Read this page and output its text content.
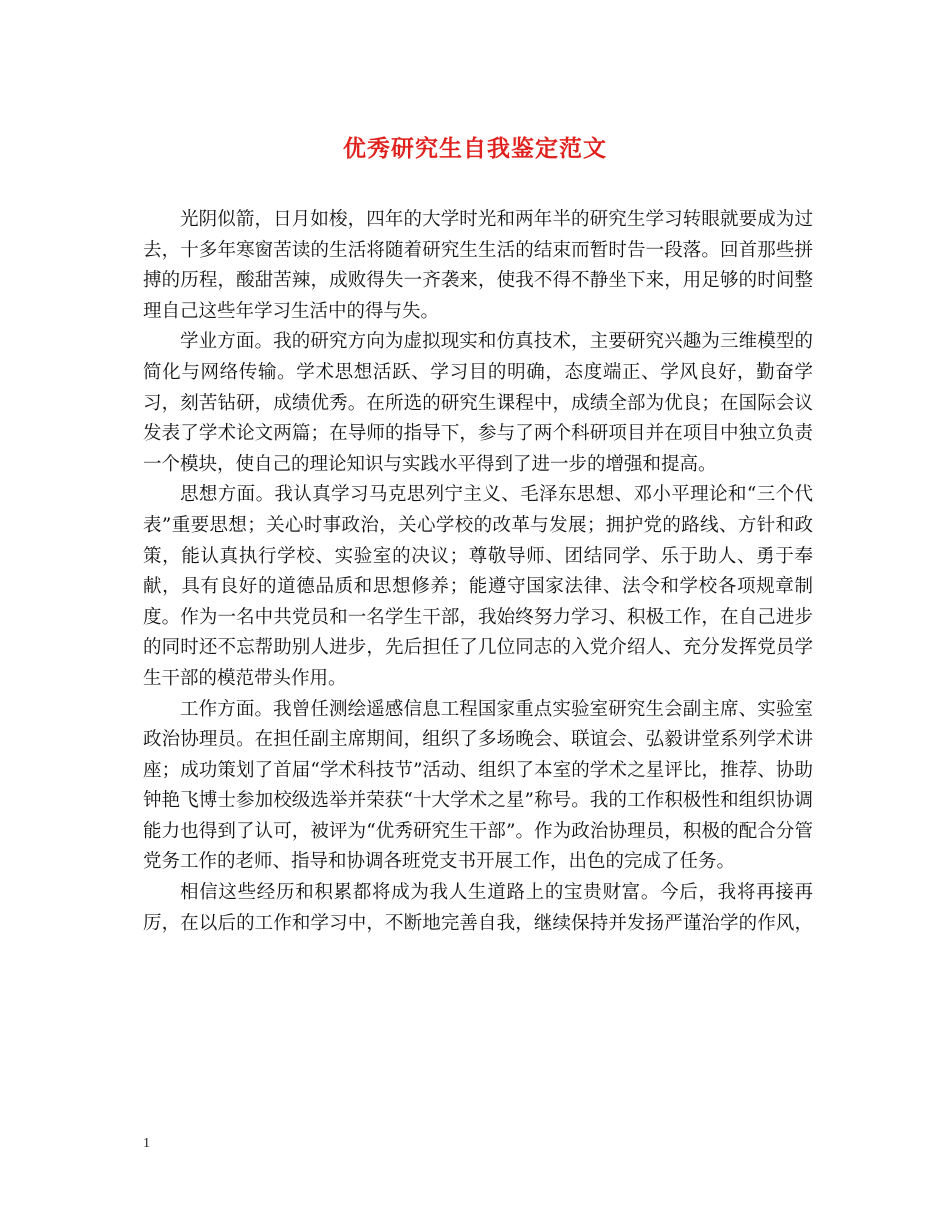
优秀研究生自我鉴定范文

光阴似箭，日月如梭，四年的大学时光和两年半的研究生学习转眼就要成为过去，十多年寒窗苦读的生活将随着研究生生活的结束而暂时告一段落。回首那些拼搏的历程，酸甜苦辣，成败得失一齐袭来，使我不得不静坐下来，用足够的时间整理自己这些年学习生活中的得与失。

学业方面。我的研究方向为虚拟现实和仿真技术，主要研究兴趣为三维模型的简化与网络传输。学术思想活跃、学习目的明确，态度端正、学风良好，勤奋学习，刻苦钻研，成绩优秀。在所选的研究生课程中，成绩全部为优良；在国际会议发表了学术论文两篇；在导师的指导下，参与了两个科研项目并在项目中独立负责一个模块，使自己的理论知识与实践水平得到了进一步的增强和提高。

思想方面。我认真学习马克思列宁主义、毛泽东思想、邓小平理论和“三个代表”重要思想；关心时事政治，关心学校的改革与发展；拥护党的路线、方针和政策，能认真执行学校、实验室的决议；尊敬导师、团结同学、乐于助人、勇于奉献，具有良好的道德品质和思想修养；能遵守国家法律、法令和学校各项规章制度。作为一名中共党员和一名学生干部，我始终努力学习、积极工作，在自己进步的同时还不忘帮助别人进步，先后担任了几位同志的入党介绍人、充分发挥党员学生干部的模范带头作用。

工作方面。我曾任测绘遥感信息工程国家重点实验室研究生会副主席、实验室政治协理员。在担任副主席期间，组织了多场晚会、联谊会、弘毅讲堂系列学术讲座；成功策划了首届“学术科技节”活动、组织了本室的学术之星评比，推荐、协助钟艳飞博士参加校级选举并荣获“十大学术之星”称号。我的工作积极性和组织协调能力也得到了认可，被评为“优秀研究生干部”。作为政治协理员，积极的配合分管党务工作的老师、指导和协调各班党支书开展工作，出色的完成了任务。

相信这些经历和积累都将成为我人生道路上的宝贵财富。今后，我将再接再厉，在以后的工作和学习中，不断地完善自我，继续保持并发扬严谨治学的作风，

1
